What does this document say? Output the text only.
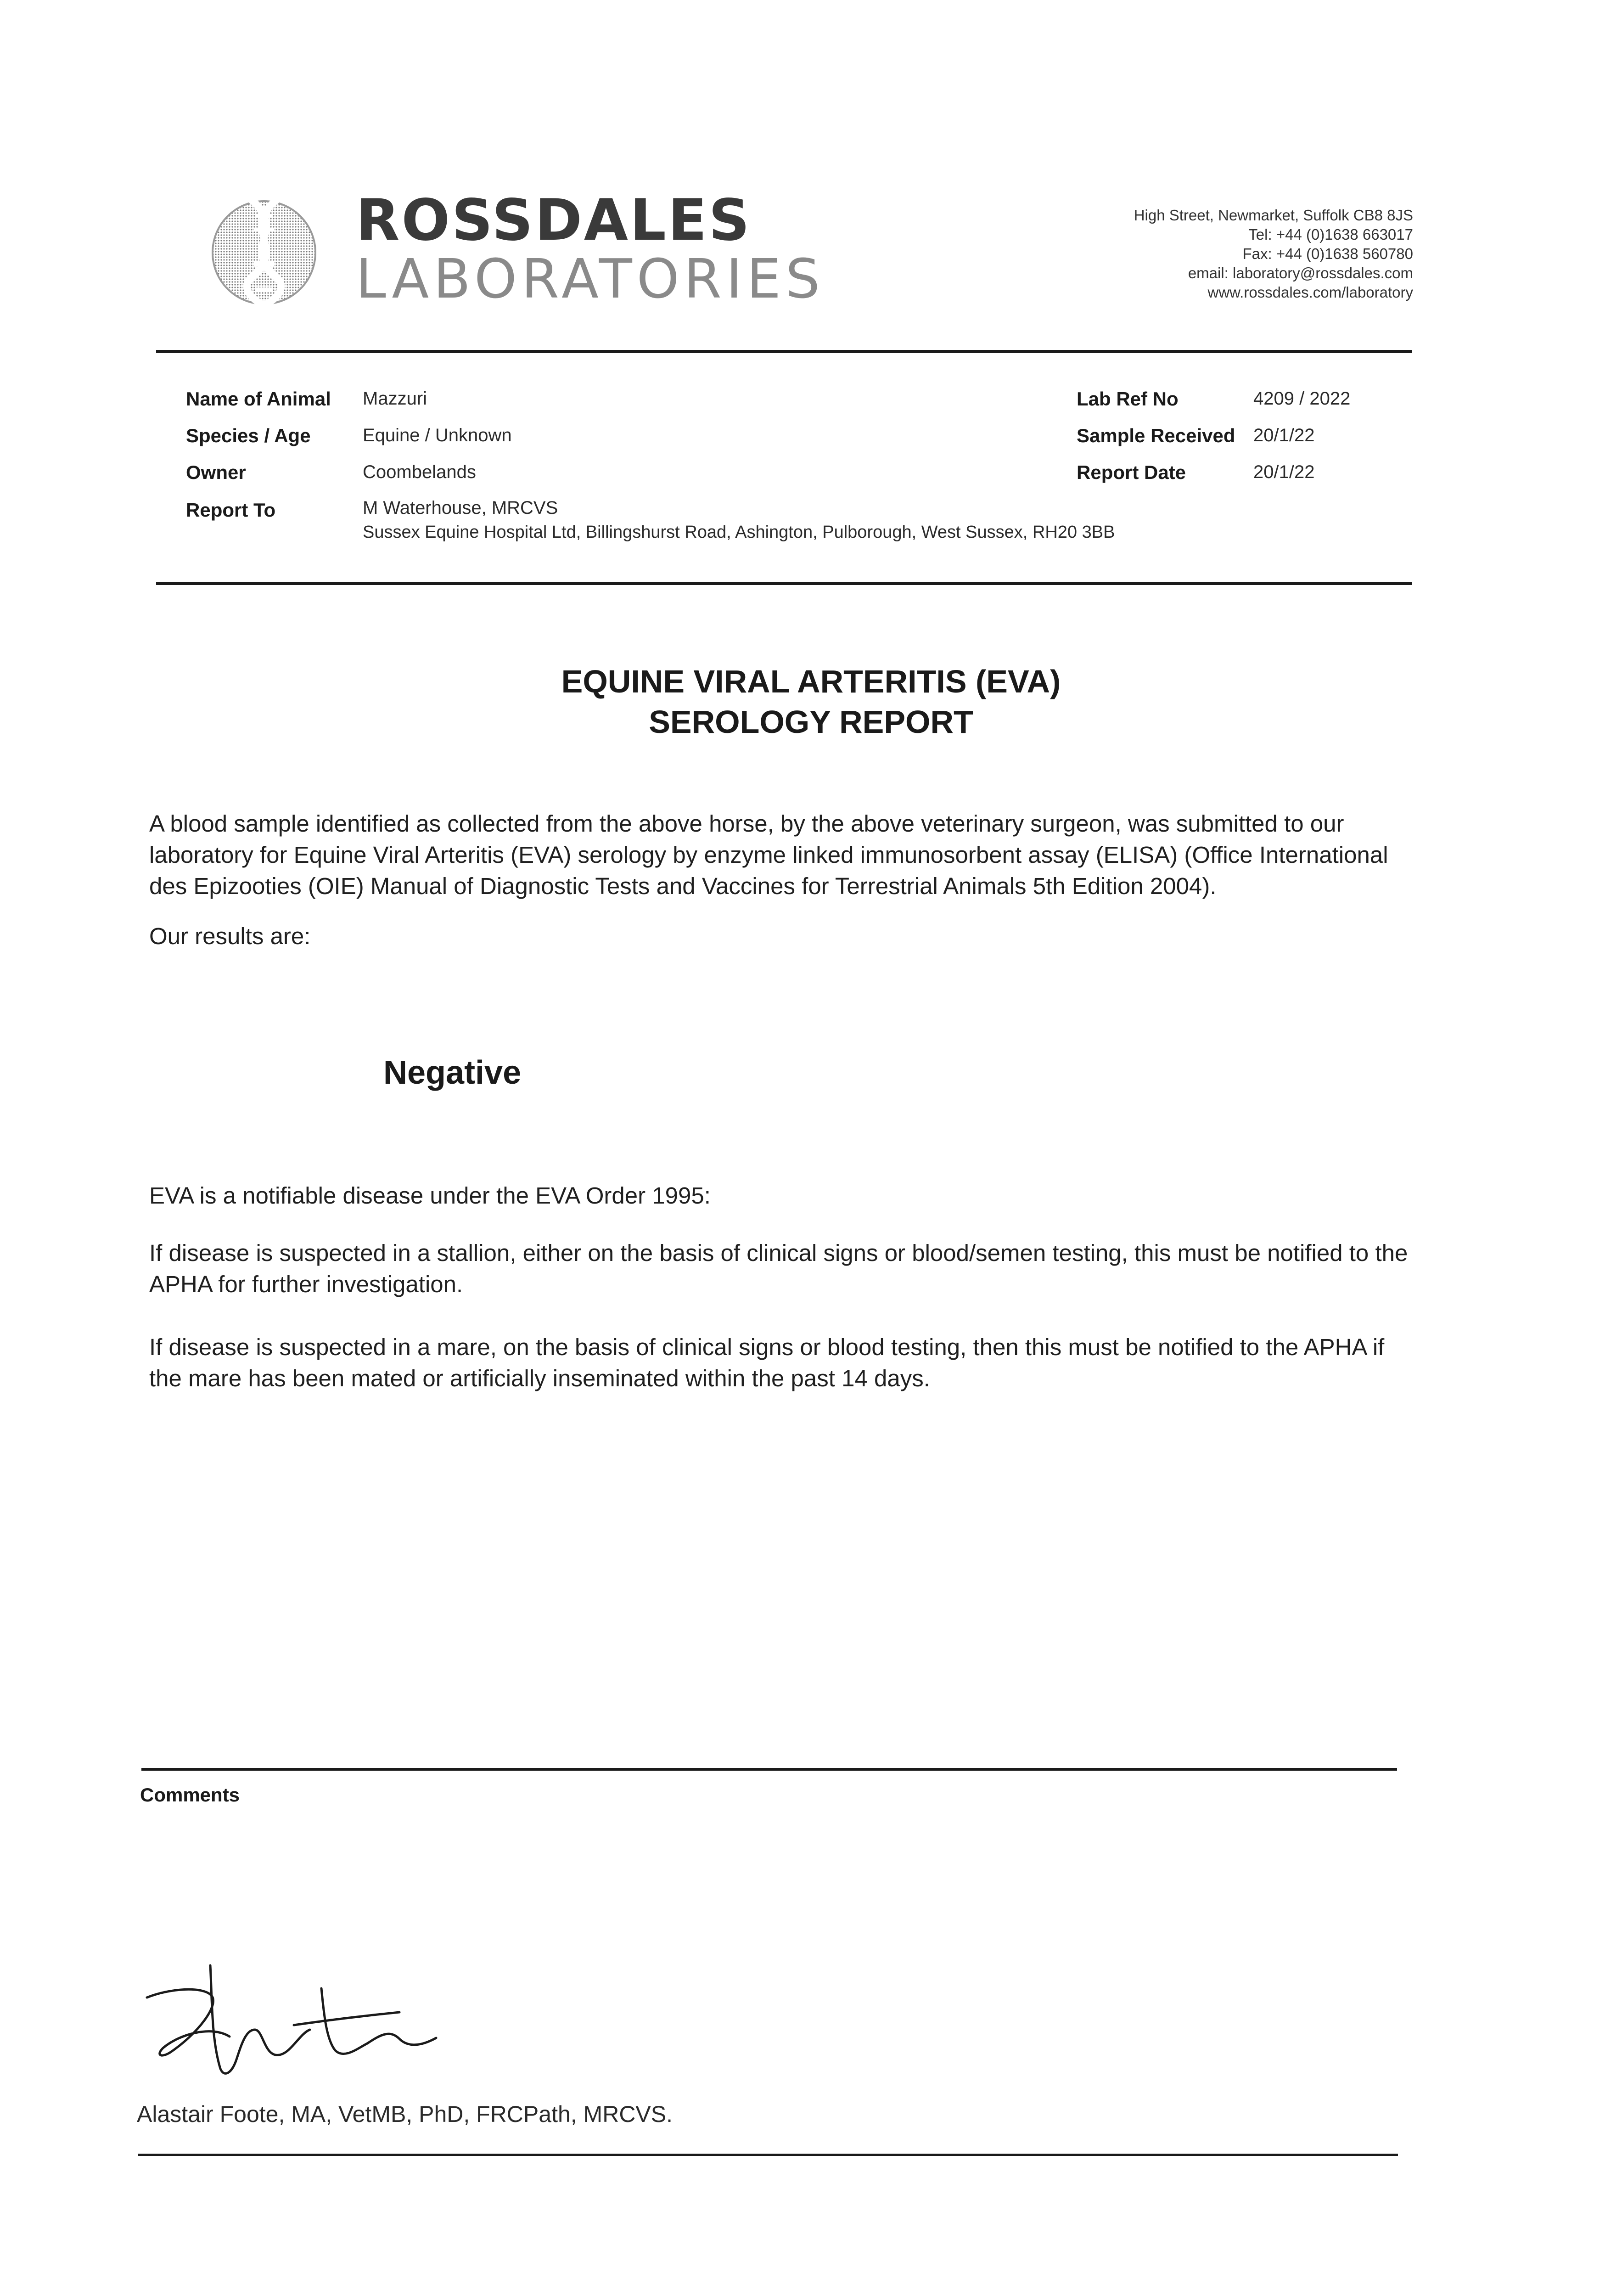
ROSSDALES
LABORATORIES
High Street, Newmarket, Suffolk CB8 8JS
Tel: +44 (0)1638 663017
Fax: +44 (0)1638 560780
email: laboratory@rossdales.com
www.rossdales.com/laboratory
Name of Animal Mazzuri
Species / Age	Equine / Unknown
Owner	Coombelands
Report To	M Waterhouse, MRCVS
Sussex Equine Hospital Ltd, Billingshurst Road, Ashington, Pulborough, West Sussex, RH20 3BB
Lab Ref No	4209 / 2022
Sample Received 20/1/22
Report Date	20/1/22
EQUINE VIRAL ARTERITIS (EVA)
SEROLOGY REPORT
A blood sample identified as collected from the above horse, by the above veterinary surgeon, was submitted to our laboratory for Equine Viral Arteritis (EVA) serology by enzyme linked immunosorbent assay (ELISA) (Office International des Epizooties (OIE) Manual of Diagnostic Tests and Vaccines for Terrestrial Animals 5th Edition 2004).
Our results are:
Negative
EVA is a notifiable disease under the EVA Order 1995:
If disease is suspected in a stallion, either on the basis of clinical signs or blood/semen testing, this must be notified to the APHA for further investigation.
If disease is suspected in a mare, on the basis of clinical signs or blood testing, then this must be notified to the APHA if the mare has been mated or artificially inseminated within the past 14 days.
Comments
Alastair Foote, MA, VetMB, PhD, FRCPath, MRCVS.
